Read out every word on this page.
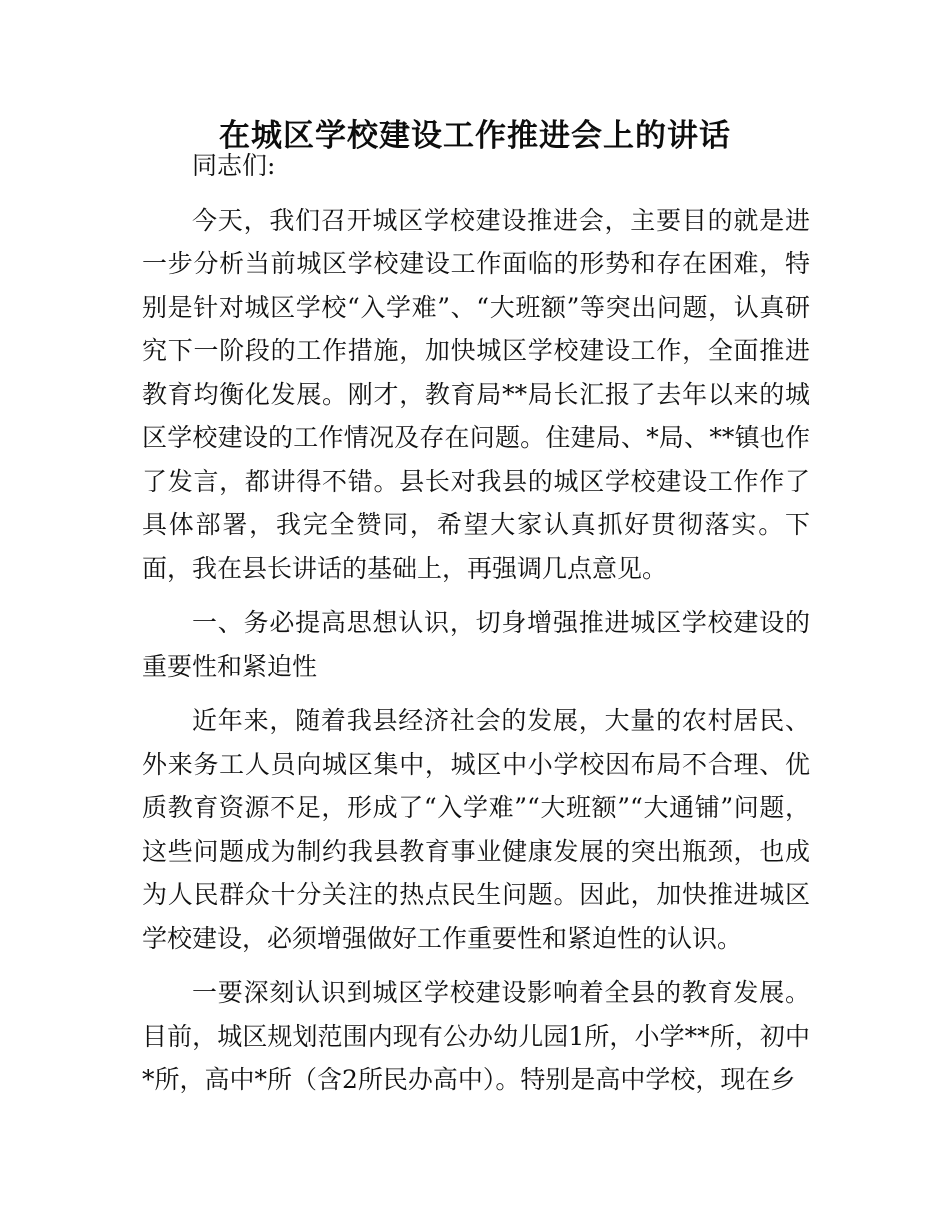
在城区学校建设工作推进会上的讲话

同志们:

今天，我们召开城区学校建设推进会，主要目的就是进一步分析当前城区学校建设工作面临的形势和存在困难，特别是针对城区学校“入学难”、“大班额”等突出问题，认真研究下一阶段的工作措施，加快城区学校建设工作，全面推进教育均衡化发展。刚才，教育局**局长汇报了去年以来的城区学校建设的工作情况及存在问题。住建局、*局、**镇也作了发言，都讲得不错。县长对我县的城区学校建设工作作了具体部署，我完全赞同，希望大家认真抓好贯彻落实。下面，我在县长讲话的基础上，再强调几点意见。

一、务必提高思想认识，切身增强推进城区学校建设的重要性和紧迫性

近年来，随着我县经济社会的发展，大量的农村居民、外来务工人员向城区集中，城区中小学校因布局不合理、优质教育资源不足，形成了“入学难”“大班额”“大通铺”问题，这些问题成为制约我县教育事业健康发展的突出瓶颈，也成为人民群众十分关注的热点民生问题。因此，加快推进城区学校建设，必须增强做好工作重要性和紧迫性的认识。

一要深刻认识到城区学校建设影响着全县的教育发展。目前，城区规划范围内现有公办幼儿园1所，小学**所，初中*所，高中*所（含2所民办高中）。特别是高中学校，现在乡
